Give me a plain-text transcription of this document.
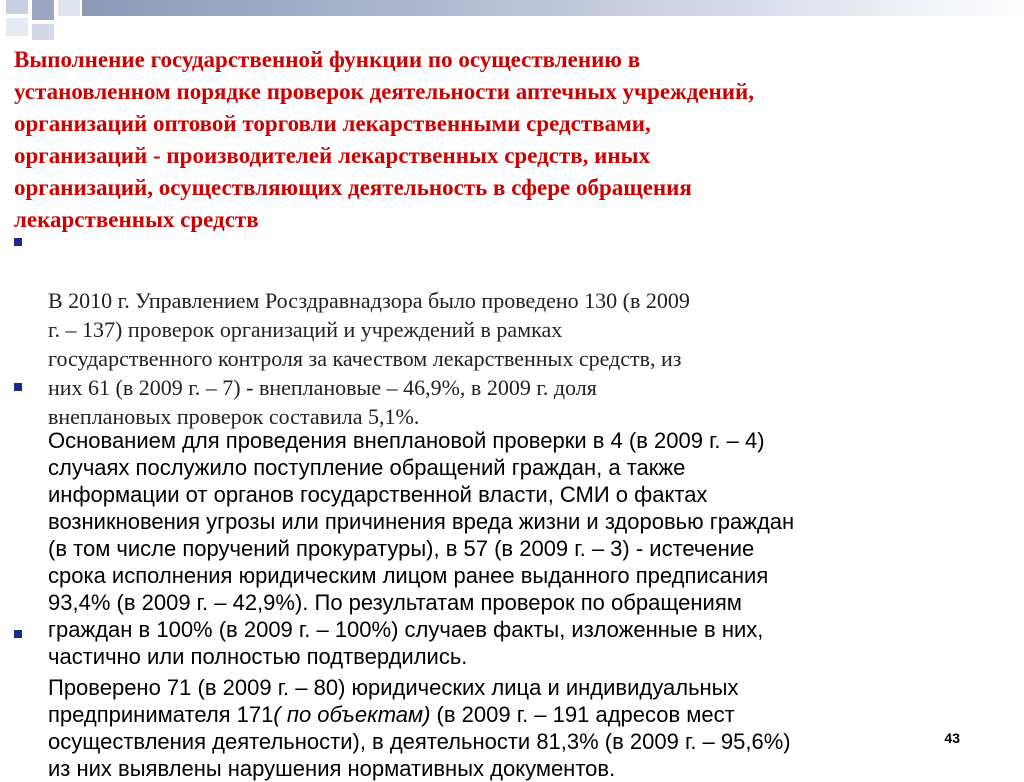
Выполнение государственной функции по осуществлению в
установленном порядке проверок деятельности аптечных учреждений,
организаций оптовой торговли лекарственными средствами,
организаций - производителей лекарственных средств, иных
организаций, осуществляющих деятельность в сфере обращения
лекарственных средств

В 2010 г. Управлением Росздравнадзора было проведено 130 (в 2009
г. – 137) проверок организаций и учреждений в рамках
государственного контроля за качеством лекарственных средств, из
них 61 (в 2009 г. – 7) - внеплановые – 46,9%, в 2009 г. доля
внеплановых проверок составила 5,1%.

Основанием для проведения внеплановой проверки в 4 (в 2009 г. – 4)
случаях послужило поступление обращений граждан, а также
информации от органов государственной власти, СМИ о фактах
возникновения угрозы или причинения вреда жизни и здоровью граждан
(в том числе поручений прокуратуры), в 57 (в 2009 г. – 3) - истечение
срока исполнения юридическим лицом ранее выданного предписания
93,4% (в 2009 г. – 42,9%). По результатам проверок по обращениям
граждан в 100% (в 2009 г. – 100%) случаев факты, изложенные в них,
частично или полностью подтвердились.

Проверено 71 (в 2009 г. – 80) юридических лица и индивидуальных
предпринимателя 171( по объектам) (в 2009 г. – 191 адресов мест
осуществления деятельности), в деятельности 81,3% (в 2009 г. – 95,6%)
из них выявлены нарушения нормативных документов.

43
